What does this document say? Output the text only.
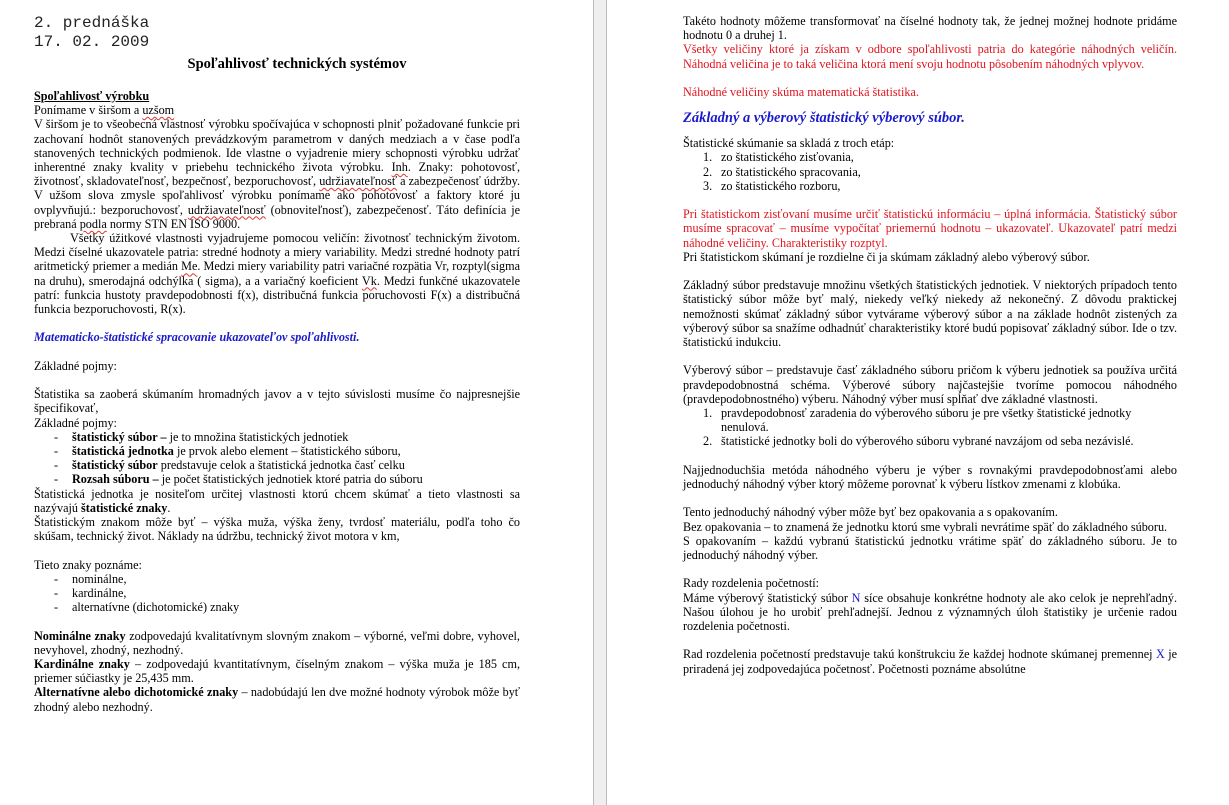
2. prednáška
17. 02. 2009
Spoľahlivosť technických systémov
Spoľahlivosť výrobku

Ponímame v širšom a uzšom

V širšom je to všeobecná vlastnosť výrobku spočívajúca v schopnosti plniť požadované funkcie pri zachovaní hodnôt stanovených prevádzkovým parametrom v daných medziach a v čase podľa stanovených technických podmienok. Ide vlastne o vyjadrenie miery schopnosti výrobku udržať inherentné znaky kvality v priebehu technického života výrobku. Inh. Znaky: pohotovosť, životnosť, skladovateľnosť, bezpečnosť, bezporuchovosť, udržiavateľnosť a zabezpečenosť údržby. V užšom slova zmysle spoľahlivosť výrobku ponímame ako pohotovosť a faktory ktoré ju ovplyvňujú.: bezporuchovosť, udržiavateľnosť (obnoviteľnosť), zabezpečenosť. Táto definícia je prebraná podla normy STN EN ISO 9000.

Všetky úžitkové vlastnosti vyjadrujeme pomocou veličín: životnosť technickým životom. Medzi číselné ukazovatele patria: stredné hodnoty a miery variability. Medzi stredné hodnoty patrí aritmetický priemer a medián Me. Medzi miery variability patri variačné rozpätia Vr, rozptyl(sigma na druhu), smerodajná odchýlka ( sigma), a a variačný koeficient Vk. Medzi funkčné ukazovatele patrí: funkcia hustoty pravdepodobnosti f(x), distribučná funkcia poruchovosti F(x) a distribučná funkcia bezporuchovosti, R(x).

Matematicko-štatistické spracovanie ukazovateľov spoľahlivosti.

Základné pojmy:

Štatistika sa zaoberá skúmaním hromadných javov a v tejto súvislosti musíme čo najpresnejšie špecifikovať,

Základné pojmy:

- štatistický súbor – je to množina štatistických jednotiek
- štatistická jednotka je prvok alebo element – štatistického súboru,
- štatistický súbor predstavuje celok a štatistická jednotka časť celku
- Rozsah súboru – je počet štatistických jednotiek ktoré patria do súboru

Štatistická jednotka je nositeľom určitej vlastnosti ktorú chcem skúmať a tieto vlastnosti sa nazývajú štatistické znaky.

Štatistickým znakom môže byť – výška muža, výška ženy, tvrdosť materiálu, podľa toho čo skúšam, technický život. Náklady na údržbu, technický život motora v km,

Tieto znaky poznáme:

- nominálne,
- kardinálne,
- alternatívne (dichotomické) znaky

Nominálne znaky zodpovedajú kvalitatívnym slovným znakom – výborné, veľmi dobre, vyhovel, nevyhovel, zhodný, nezhodný.

Kardinálne znaky – zodpovedajú kvantitatívnym, číselným znakom – výška muža je 185 cm, priemer súčiastky je 25,435 mm.

Alternatívne alebo dichotomické znaky – nadobúdajú len dve možné hodnoty výrobok môže byť zhodný alebo nezhodný.

Takéto hodnoty môžeme transformovať na číselné hodnoty tak, že jednej možnej hodnote pridáme hodnotu 0 a druhej 1.

Všetky veličiny ktoré ja získam v odbore spoľahlivosti patria do kategórie náhodných veličín. Náhodná veličina je to taká veličina ktorá mení svoju hodnotu pôsobením náhodných vplyvov.

Náhodné veličiny skúma matematická štatistika.

Základný a výberový štatistický výberový súbor.

Štatistické skúmanie sa skladá z troch etáp:

1. zo štatistického zisťovania,
2. zo štatistického spracovania,
3. zo štatistického rozboru,

Pri štatistickom zisťovaní musíme určiť štatistickú informáciu – úplná informácia. Štatistický súbor musíme spracovať – musíme vypočítať priemernú hodnotu – ukazovateľ. Ukazovateľ patrí medzi náhodné veličiny. Charakteristiky rozptyl.

Pri štatistickom skúmaní je rozdielne či ja skúmam základný alebo výberový súbor.

Základný súbor predstavuje množinu všetkých štatistických jednotiek. V niektorých prípadoch tento štatistický súbor môže byť malý, niekedy veľký niekedy až nekonečný. Z dôvodu praktickej nemožnosti skúmať základný súbor vytvárame výberový súbor a na základe hodnôt zistených za výberový súbor sa snažíme odhadnúť charakteristiky ktoré budú popisovať základný súbor. Ide o tzv. štatistickú indukciu.

Výberový súbor – predstavuje časť základného súboru pričom k výberu jednotiek sa používa určitá pravdepodobnostná schéma. Výberové súbory najčastejšie tvoríme pomocou náhodného (pravdepodobnostného) výberu. Náhodný výber musí spĺňať dve základné vlastnosti.

1. pravdepodobnosť zaradenia do výberového súboru je pre všetky štatistické jednotky nenulová.
2. štatistické jednotky boli do výberového súboru vybrané navzájom od seba nezávislé.

Najjednoduchšia metóda náhodného výberu je výber s rovnakými pravdepodobnosťami alebo jednoduchý náhodný výber ktorý môžeme porovnať k výberu lístkov zmenami z klobúka.

Tento jednoduchý náhodný výber môže byť bez opakovania a s opakovaním.

Bez opakovania – to znamená že jednotku ktorú sme vybrali nevrátime späť do základného súboru.

S opakovaním – každú vybranú štatistickú jednotku vrátime späť do základného súboru. Je to jednoduchý náhodný výber.

Rady rozdelenia početností:

Máme výberový štatistický súbor N síce obsahuje konkrétne hodnoty ale ako celok je neprehľadný. Našou úlohou je ho urobiť prehľadnejší. Jednou z významných úloh štatistiky je určenie radou rozdelenia početnosti.

Rad rozdelenia početností predstavuje takú konštrukciu že každej hodnote skúmanej premennej X je priradená jej zodpovedajúca početnosť. Početnosti poznáme absolútne
